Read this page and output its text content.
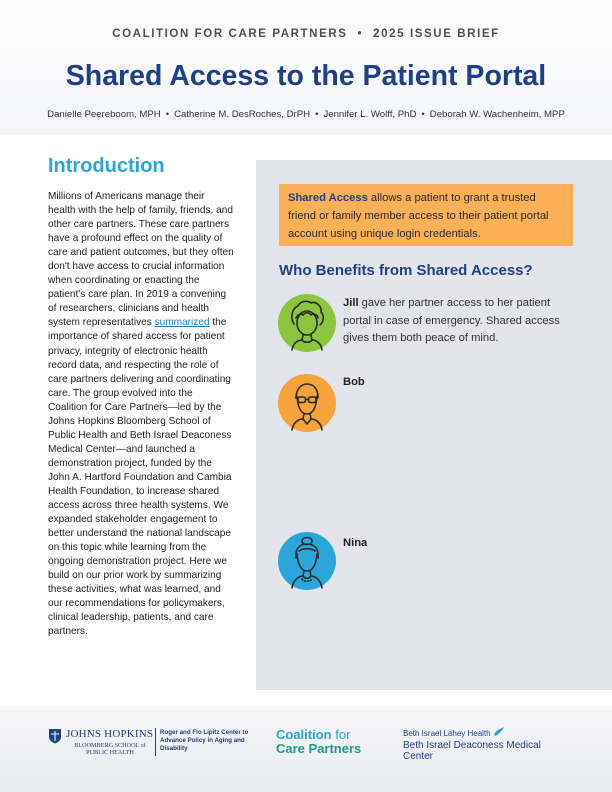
COALITION FOR CARE PARTNERS • 2025 ISSUE BRIEF
Shared Access to the Patient Portal
Danielle Peereboom, MPH • Catherine M. DesRoches, DrPH • Jennifer L. Wolff, PhD • Deborah W. Wachenheim, MPP
Introduction
Millions of Americans manage their health with the help of family, friends, and other care partners. These care partners have a profound effect on the quality of care and patient outcomes, but they often don't have access to crucial information when coordinating or enacting the patient's care plan. In 2019 a convening of researchers, clinicians and health system representatives summarized the importance of shared access for patient privacy, integrity of electronic health record data, and respecting the role of care partners delivering and coordinating care. The group evolved into the Coalition for Care Partners—led by the Johns Hopkins Bloomberg School of Public Health and Beth Israel Deaconess Medical Center—and launched a demonstration project, funded by the John A. Hartford Foundation and Cambia Health Foundation, to increase shared access across three health systems. We expanded stakeholder engagement to better understand the national landscape on this topic while learning from the ongoing demonstration project. Here we build on our prior work by summarizing these activities, what was learned, and our recommendations for policymakers, clinical leadership, patients, and care partners.
Shared Access allows a patient to grant a trusted friend or family member access to their patient portal account using unique login credentials.
Who Benefits from Shared Access?
Jill gave her partner access to her patient portal in case of emergency. Shared access gives them both peace of mind.
Bob
Nina
JOHNS HOPKINS
BLOOMBERG SCHOOL of PUBLIC HEALTH
Roger and Flo Lipitz Center to Advance Policy in Aging and Disability
Coalition for
Care Partners
Beth Israel Lahey Health
Beth Israel Deaconess Medical Center
